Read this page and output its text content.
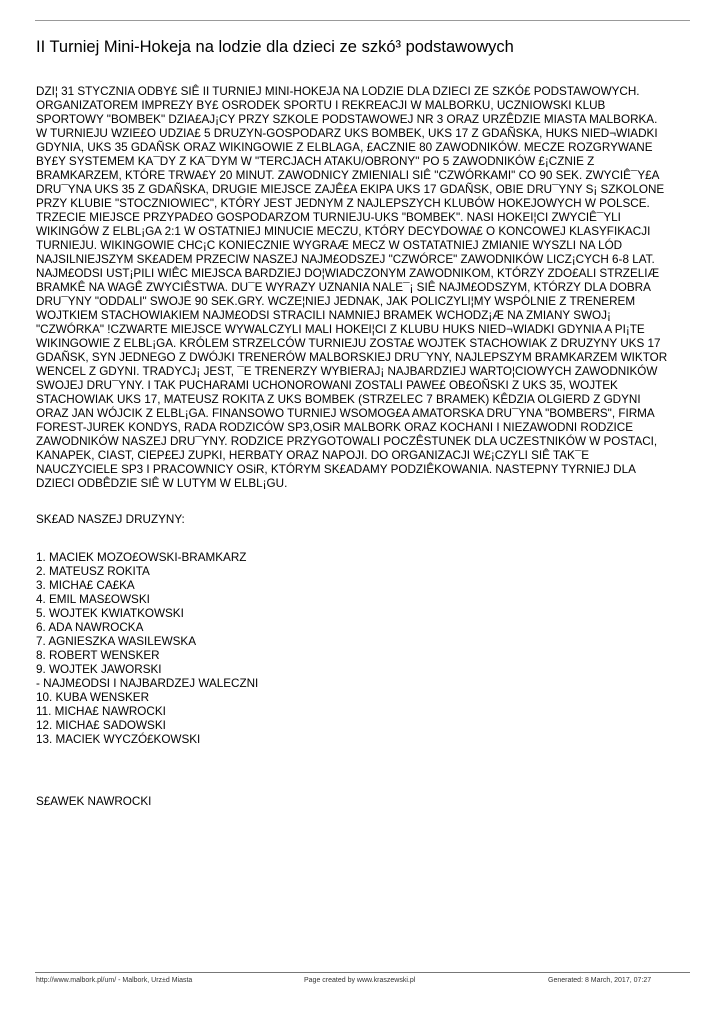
II Turniej Mini-Hokeja na lodzie dla dzieci ze szkó³ podstawowych
DZI¦ 31 STYCZNIA ODBY£ SIÊ II TURNIEJ MINI-HOKEJA NA LODZIE DLA DZIECI ZE SZKÓ£ PODSTAWOWYCH.
ORGANIZATOREM IMPREZY BY£ OSRODEK SPORTU I REKREACJI W MALBORKU, UCZNIOWSKI KLUB
SPORTOWY "BOMBEK" DZIA£AJ¡CY PRZY SZKOLE PODSTAWOWEJ NR 3 ORAZ URZÊDZIE MIASTA MALBORKA.
W TURNIEJU WZIE£O UDZIA£ 5 DRUZYN-GOSPODARZ UKS BOMBEK, UKS 17 Z GDAÑSKA, HUKS NIED¬WIADKI
GDYNIA, UKS 35 GDAÑSK ORAZ WIKINGOWIE Z ELBLAGA, £ACZNIE 80 ZAWODNIKÓW. MECZE ROZGRYWANE
BY£Y SYSTEMEM KA¯DY Z KA¯DYM W "TERCJACH ATAKU/OBRONY" PO 5 ZAWODNIKÓW £¡CZNIE Z
BRAMKARZEM, KTÓRE TRWA£Y 20 MINUT. ZAWODNICY ZMIENIALI SIÊ "CZWÓRKAMI" CO 90 SEK. ZWYCIÊ¯Y£A
DRU¯YNA UKS 35 Z GDAÑSKA, DRUGIE MIEJSCE ZAJÊ£A EKIPA UKS 17 GDAÑSK, OBIE DRU¯YNY S¡ SZKOLONE
PRZY KLUBIE "STOCZNIOWIEC", KTÓRY JEST JEDNYM Z NAJLEPSZYCH KLUBÓW HOKEJOWYCH W POLSCE.
TRZECIE MIEJSCE PRZYPAD£O GOSPODARZOM TURNIEJU-UKS "BOMBEK". NASI HOKEI¦CI ZWYCIÊ¯YLI
WIKINGÓW Z ELBL¡GA 2:1 W OSTATNIEJ MINUCIE MECZU, KTÓRY DECYDOWA£ O KONCOWEJ KLASYFIKACJI
TURNIEJU. WIKINGOWIE CHC¡C KONIECZNIE WYGRAÆ MECZ W OSTATATNIEJ ZMIANIE WYSZLI NA LÓD
NAJSILNIEJSZYM SK£ADEM PRZECIW NASZEJ NAJM£ODSZEJ "CZWÓRCE" ZAWODNIKÓW LICZ¡CYCH 6-8 LAT.
NAJM£ODSI UST¡PILI WIÊC MIEJSCA BARDZIEJ DO¦WIADCZONYM ZAWODNIKOM, KTÓRZY ZDO£ALI STRZELIÆ
BRAMKÊ NA WAGÊ ZWYCIÊSTWA. DU¯E WYRAZY UZNANIA NALE¯¡ SIÊ NAJM£ODSZYM, KTÓRZY DLA DOBRA
DRU¯YNY "ODDALI" SWOJE 90 SEK.GRY. WCZE¦NIEJ JEDNAK, JAK POLICZYLI¦MY WSPÓLNIE Z TRENEREM
WOJTKIEM STACHOWIAKIEM NAJM£ODSI STRACILI NAMNIEJ BRAMEK WCHODZ¡Æ NA ZMIANY SWOJ¡
"CZWÓRKA" !CZWARTE MIEJSCE WYWALCZYLI MALI HOKEI¦CI Z KLUBU HUKS NIED¬WIADKI GDYNIA A PI¡TE
WIKINGOWIE Z ELBL¡GA. KRÓLEM STRZELCÓW TURNIEJU ZOSTA£ WOJTEK STACHOWIAK Z DRUZYNY UKS 17
GDAÑSK, SYN JEDNEGO Z DWÓJKI TRENERÓW MALBORSKIEJ DRU¯YNY, NAJLEPSZYM BRAMKARZEM WIKTOR
WENCEL Z GDYNI. TRADYCJ¡ JEST, ¯E TRENERZY WYBIERAJ¡ NAJBARDZIEJ WARTO¦CIOWYCH ZAWODNIKÓW
SWOJEJ DRU¯YNY. I TAK PUCHARAMI UCHONOROWANI ZOSTALI PAWE£ OB£OÑSKI Z UKS 35, WOJTEK
STACHOWIAK UKS 17, MATEUSZ ROKITA Z UKS BOMBEK (STRZELEC 7 BRAMEK) KÊDZIA OLGIERD Z GDYNI
ORAZ JAN WÓJCIK Z ELBL¡GA. FINANSOWO TURNIEJ WSOMOG£A AMATORSKA DRU¯YNA "BOMBERS", FIRMA
FOREST-JUREK KONDYS, RADA RODZICÓW SP3,OSiR MALBORK ORAZ KOCHANI I NIEZAWODNI RODZICE
ZAWODNIKÓW NASZEJ DRU¯YNY. RODZICE PRZYGOTOWALI POCZÊSTUNEK DLA UCZESTNIKÓW W POSTACI,
KANAPEK, CIAST, CIEP£EJ ZUPKI, HERBATY ORAZ NAPOJI. DO ORGANIZACJI W£¡CZYLI SIÊ TAK¯E
NAUCZYCIELE SP3 I PRACOWNICY OSiR, KTÓRYM SK£ADAMY PODZIÊKOWANIA. NASTEPNY TYRNIEJ DLA
DZIECI ODBÊDZIE SIÊ W LUTYM W ELBL¡GU.
SK£AD NASZEJ DRUZYNY:
1. MACIEK MOZO£OWSKI-BRAMKARZ
2. MATEUSZ ROKITA
3. MICHA£ CA£KA
4. EMIL MAS£OWSKI
5. WOJTEK KWIATKOWSKI
6. ADA NAWROCKA
7. AGNIESZKA WASILEWSKA
8. ROBERT WENSKER
9. WOJTEK JAWORSKI
- NAJM£ODSI I NAJBARDZEJ WALECZNI
10. KUBA WENSKER
11. MICHA£ NAWROCKI
12. MICHA£ SADOWSKI
13. MACIEK WYCZÓ£KOWSKI
S£AWEK NAWROCKI
http://www.malbork.pl/um/ - Malbork, Urz±d Miasta	Page created by www.kraszewski.pl	Generated: 8 March, 2017, 07:27
